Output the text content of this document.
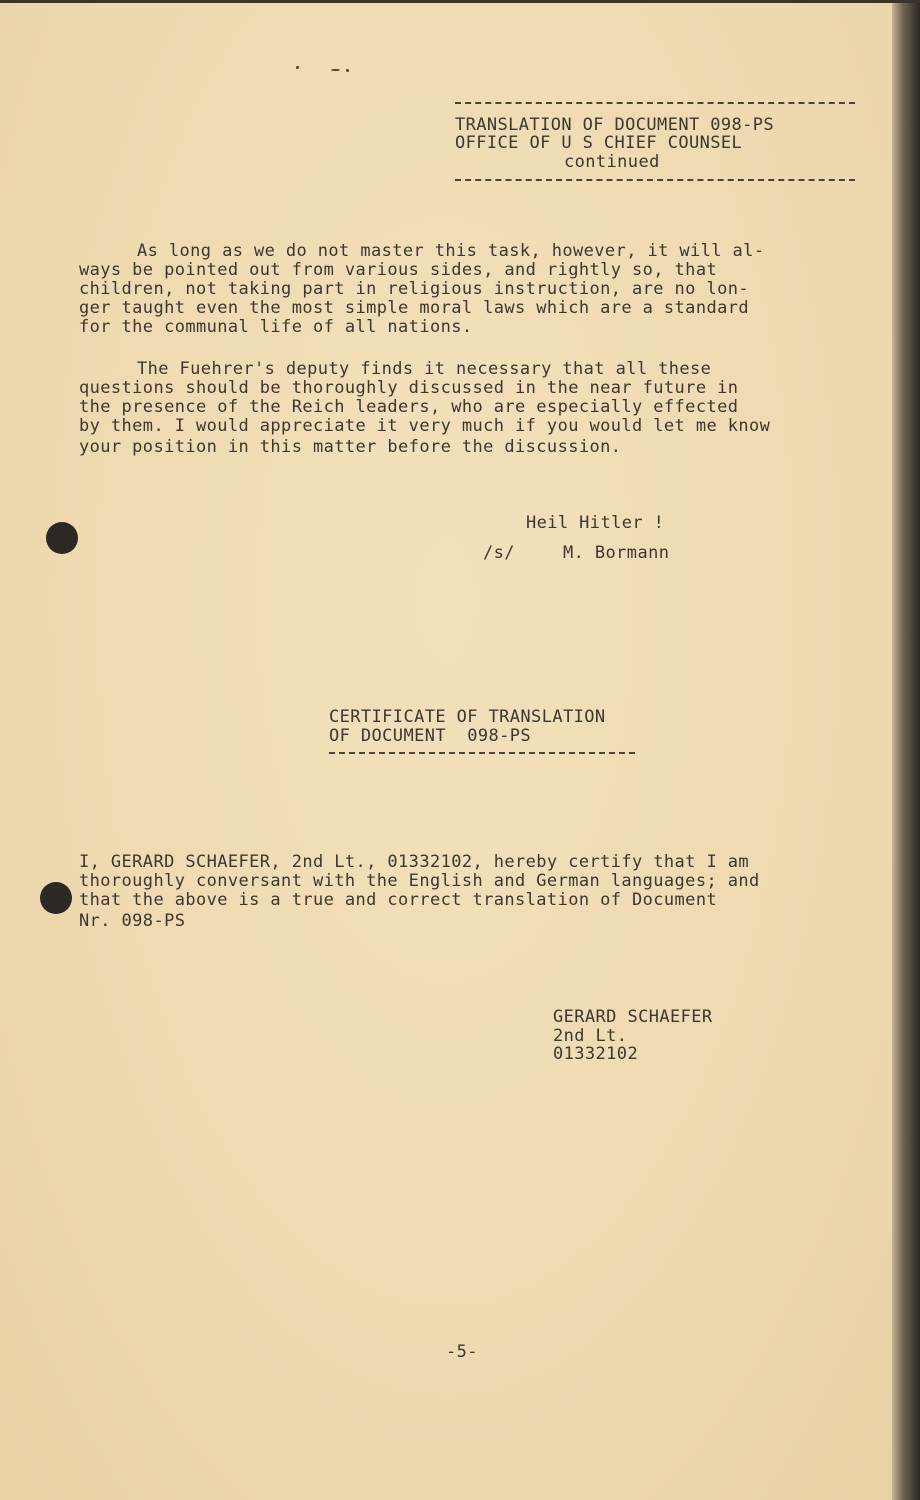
TRANSLATION OF DOCUMENT 098-PS
OFFICE OF U S CHIEF COUNSEL
continued
As long as we do not master this task, however, it will al-
ways be pointed out from various sides, and rightly so, that
children, not taking part in religious instruction, are no lon-
ger taught even the most simple moral laws which are a standard
for the communal life of all nations.
The Fuehrer's deputy finds it necessary that all these
questions should be thoroughly discussed in the near future in
the presence of the Reich leaders, who are especially effected
by them. I would appreciate it very much if you would let me know
your position in this matter before the discussion.
Heil Hitler !
/s/	M. Bormann
CERTIFICATE OF TRANSLATION
OF DOCUMENT  098-PS
I, GERARD SCHAEFER, 2nd Lt., 01332102, hereby certify that I am
thoroughly conversant with the English and German languages; and
that the above is a true and correct translation of Document
Nr. 098-PS
GERARD SCHAEFER
2nd Lt.
01332102
-5-
